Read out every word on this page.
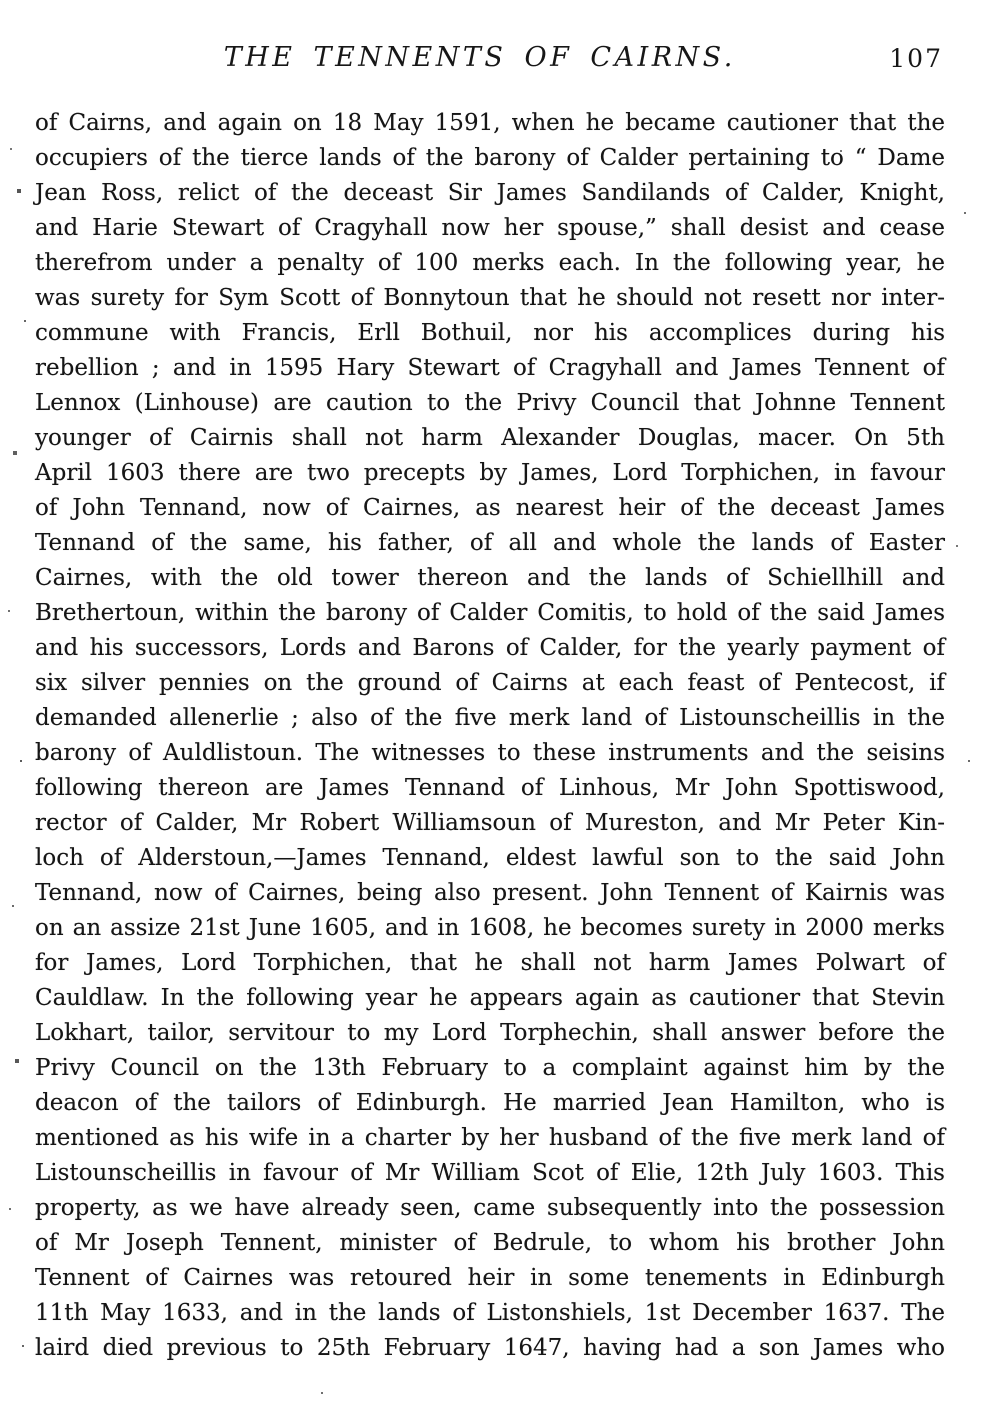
THE TENNENTS OF CAIRNS.	107
of Cairns, and again on 18 May 1591, when he became cautioner that the
occupiers of the tierce lands of the barony of Calder pertaining to “ Dame
Jean Ross, relict of the deceast Sir James Sandilands of Calder, Knight,
and Harie Stewart of Cragyhall now her spouse,” shall desist and cease
therefrom under a penalty of 100 merks each. In the following year, he
was surety for Sym Scott of Bonnytoun that he should not resett nor inter-
commune with Francis, Erll Bothuil, nor his accomplices during his
rebellion ; and in 1595 Hary Stewart of Cragyhall and James Tennent of
Lennox (Linhouse) are caution to the Privy Council that Johnne Tennent
younger of Cairnis shall not harm Alexander Douglas, macer. On 5th
April 1603 there are two precepts by James, Lord Torphichen, in favour
of John Tennand, now of Cairnes, as nearest heir of the deceast James
Tennand of the same, his father, of all and whole the lands of Easter
Cairnes, with the old tower thereon and the lands of Schiellhill and
Brethertoun, within the barony of Calder Comitis, to hold of the said James
and his successors, Lords and Barons of Calder, for the yearly payment of
six silver pennies on the ground of Cairns at each feast of Pentecost, if
demanded allenerlie ; also of the five merk land of Listounscheillis in the
barony of Auldlistoun. The witnesses to these instruments and the seisins
following thereon are James Tennand of Linhous, Mr John Spottiswood,
rector of Calder, Mr Robert Williamsoun of Mureston, and Mr Peter Kin-
loch of Alderstoun,—James Tennand, eldest lawful son to the said John
Tennand, now of Cairnes, being also present. John Tennent of Kairnis was
on an assize 21st June 1605, and in 1608, he becomes surety in 2000 merks
for James, Lord Torphichen, that he shall not harm James Polwart of
Cauldlaw. In the following year he appears again as cautioner that Stevin
Lokhart, tailor, servitour to my Lord Torphechin, shall answer before the
Privy Council on the 13th February to a complaint against him by the
deacon of the tailors of Edinburgh. He married Jean Hamilton, who is
mentioned as his wife in a charter by her husband of the five merk land of
Listounscheillis in favour of Mr William Scot of Elie, 12th July 1603. This
property, as we have already seen, came subsequently into the possession
of Mr Joseph Tennent, minister of Bedrule, to whom his brother John
Tennent of Cairnes was retoured heir in some tenements in Edinburgh
11th May 1633, and in the lands of Listonshiels, 1st December 1637. The
laird died previous to 25th February 1647, having had a son James who
